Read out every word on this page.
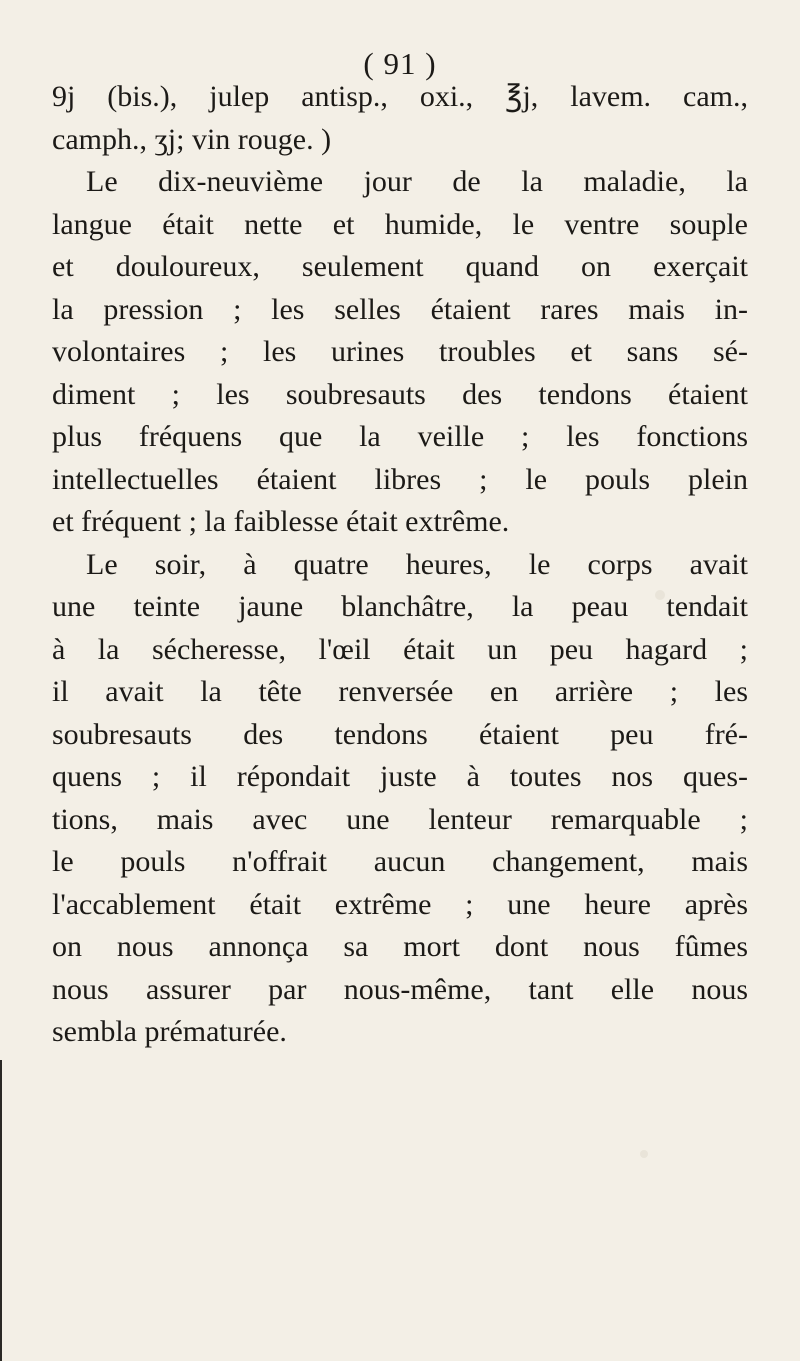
( 91 )
9j (bis.), julep antisp., oxi., ℥j, lavem. cam.,
camph., ʒj; vin rouge. )
Le dix-neuvième jour de la maladie, la
langue était nette et humide, le ventre souple
et douloureux, seulement quand on exerçait
la pression ; les selles étaient rares mais in-
volontaires ; les urines troubles et sans sé-
diment ; les soubresauts des tendons étaient
plus fréquens que la veille ; les fonctions
intellectuelles étaient libres ; le pouls plein
et fréquent ; la faiblesse était extrême.
Le soir, à quatre heures, le corps avait
une teinte jaune blanchâtre, la peau tendait
à la sécheresse, l'œil était un peu hagard ;
il avait la tête renversée en arrière ; les
soubresauts des tendons étaient peu fré-
quens ; il répondait juste à toutes nos ques-
tions, mais avec une lenteur remarquable ;
le pouls n'offrait aucun changement, mais
l'accablement était extrême ; une heure après
on nous annonça sa mort dont nous fûmes
nous assurer par nous-même, tant elle nous
sembla prématurée.
